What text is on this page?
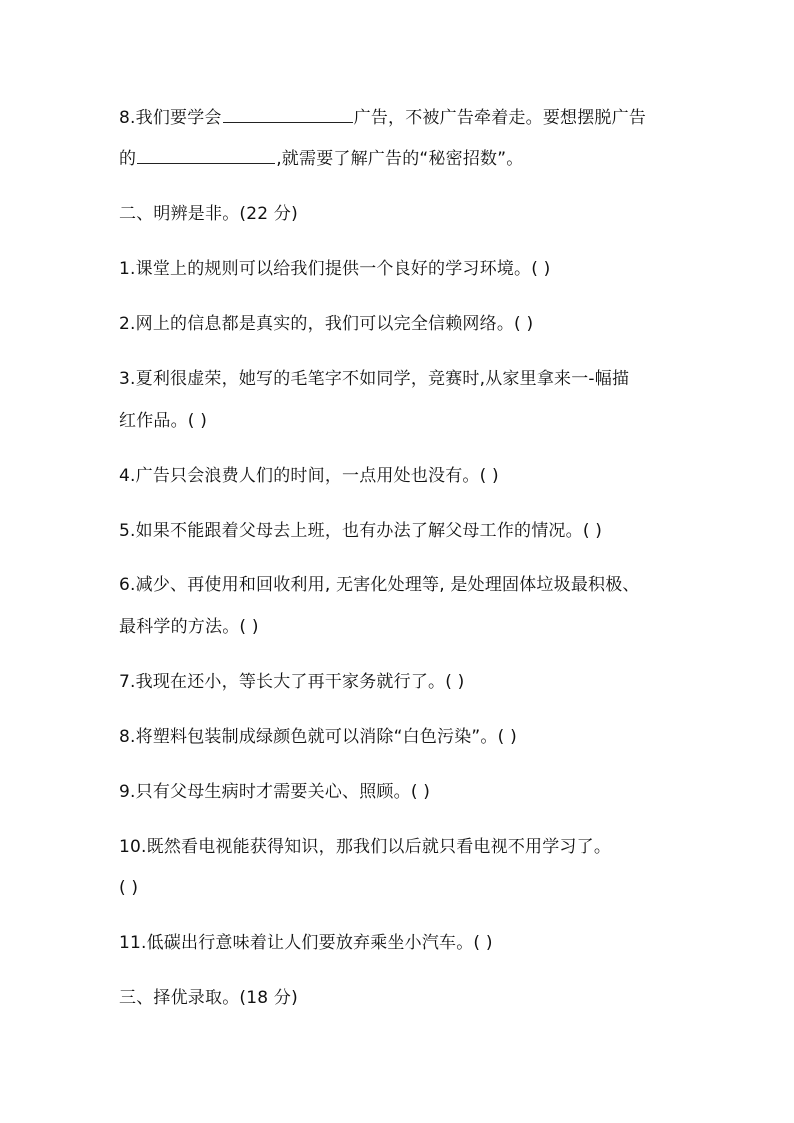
8.我们要学会	广告，不被广告牵着走。要想摆脱广告
的	,就需要了解广告的“秘密招数”。
二、明辨是非。(22 分)
1.课堂上的规则可以给我们提供一个良好的学习环境。( )
2.网上的信息都是真实的，我们可以完全信赖网络。( )
3.夏利很虚荣，她写的毛笔字不如同学，竞赛时,从家里拿来一-幅描
红作品。( )
4.广告只会浪费人们的时间，一点用处也没有。( )
5.如果不能跟着父母去上班，也有办法了解父母工作的情况。( )
6.减少、再使用和回收利用, 无害化处理等, 是处理固体垃圾最积极、
最科学的方法。( )
7.我现在还小，等长大了再干家务就行了。( )
8.将塑料包装制成绿颜色就可以消除“白色污染”。( )
9.只有父母生病时才需要关心、照顾。( )
10.既然看电视能获得知识，那我们以后就只看电视不用学习了。
( )
11.低碳出行意味着让人们要放弃乘坐小汽车。( )
三、择优录取。(18 分)
